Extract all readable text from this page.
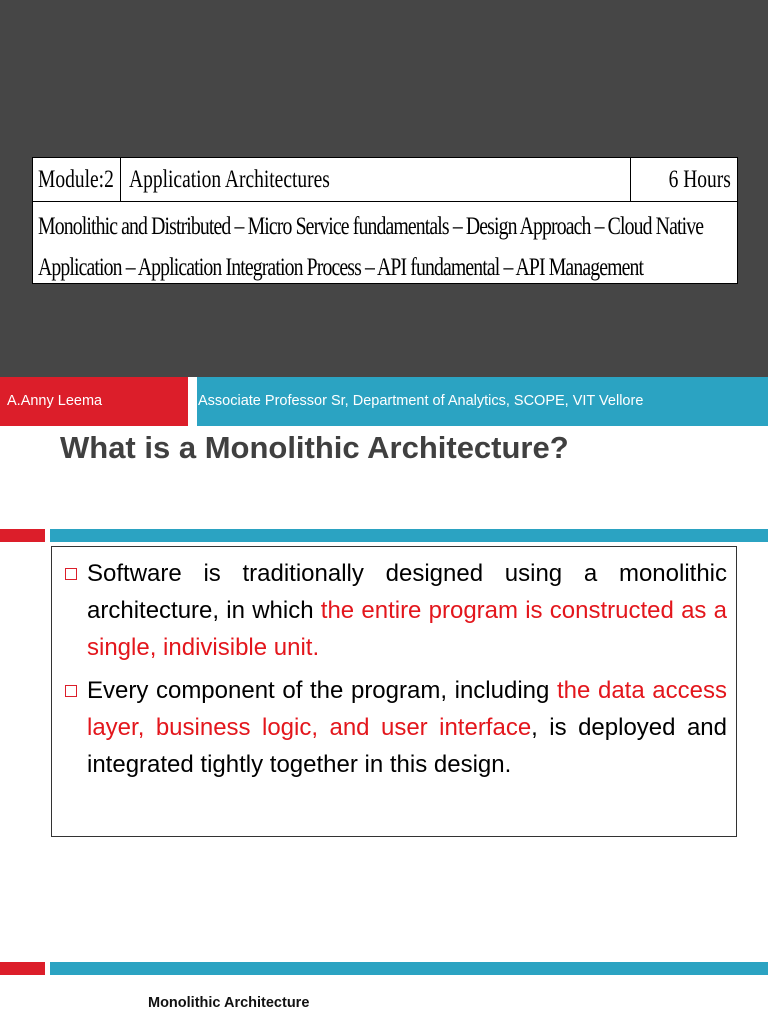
Module:2 Application Architectures	6 Hours
Monolithic and Distributed – Micro Service fundamentals – Design Approach – Cloud Native
Application – Application Integration Process – API fundamental – API Management
A.Anny Leema	Associate Professor Sr, Department of Analytics, SCOPE, VIT Vellore
What is a Monolithic Architecture?

Software is traditionally designed using a monolithic architecture, in which the entire program is constructed as a single, indivisible unit.

Every component of the program, including the data access layer, business logic, and user interface, is deployed and integrated tightly together in this design.

Monolithic Architecture
